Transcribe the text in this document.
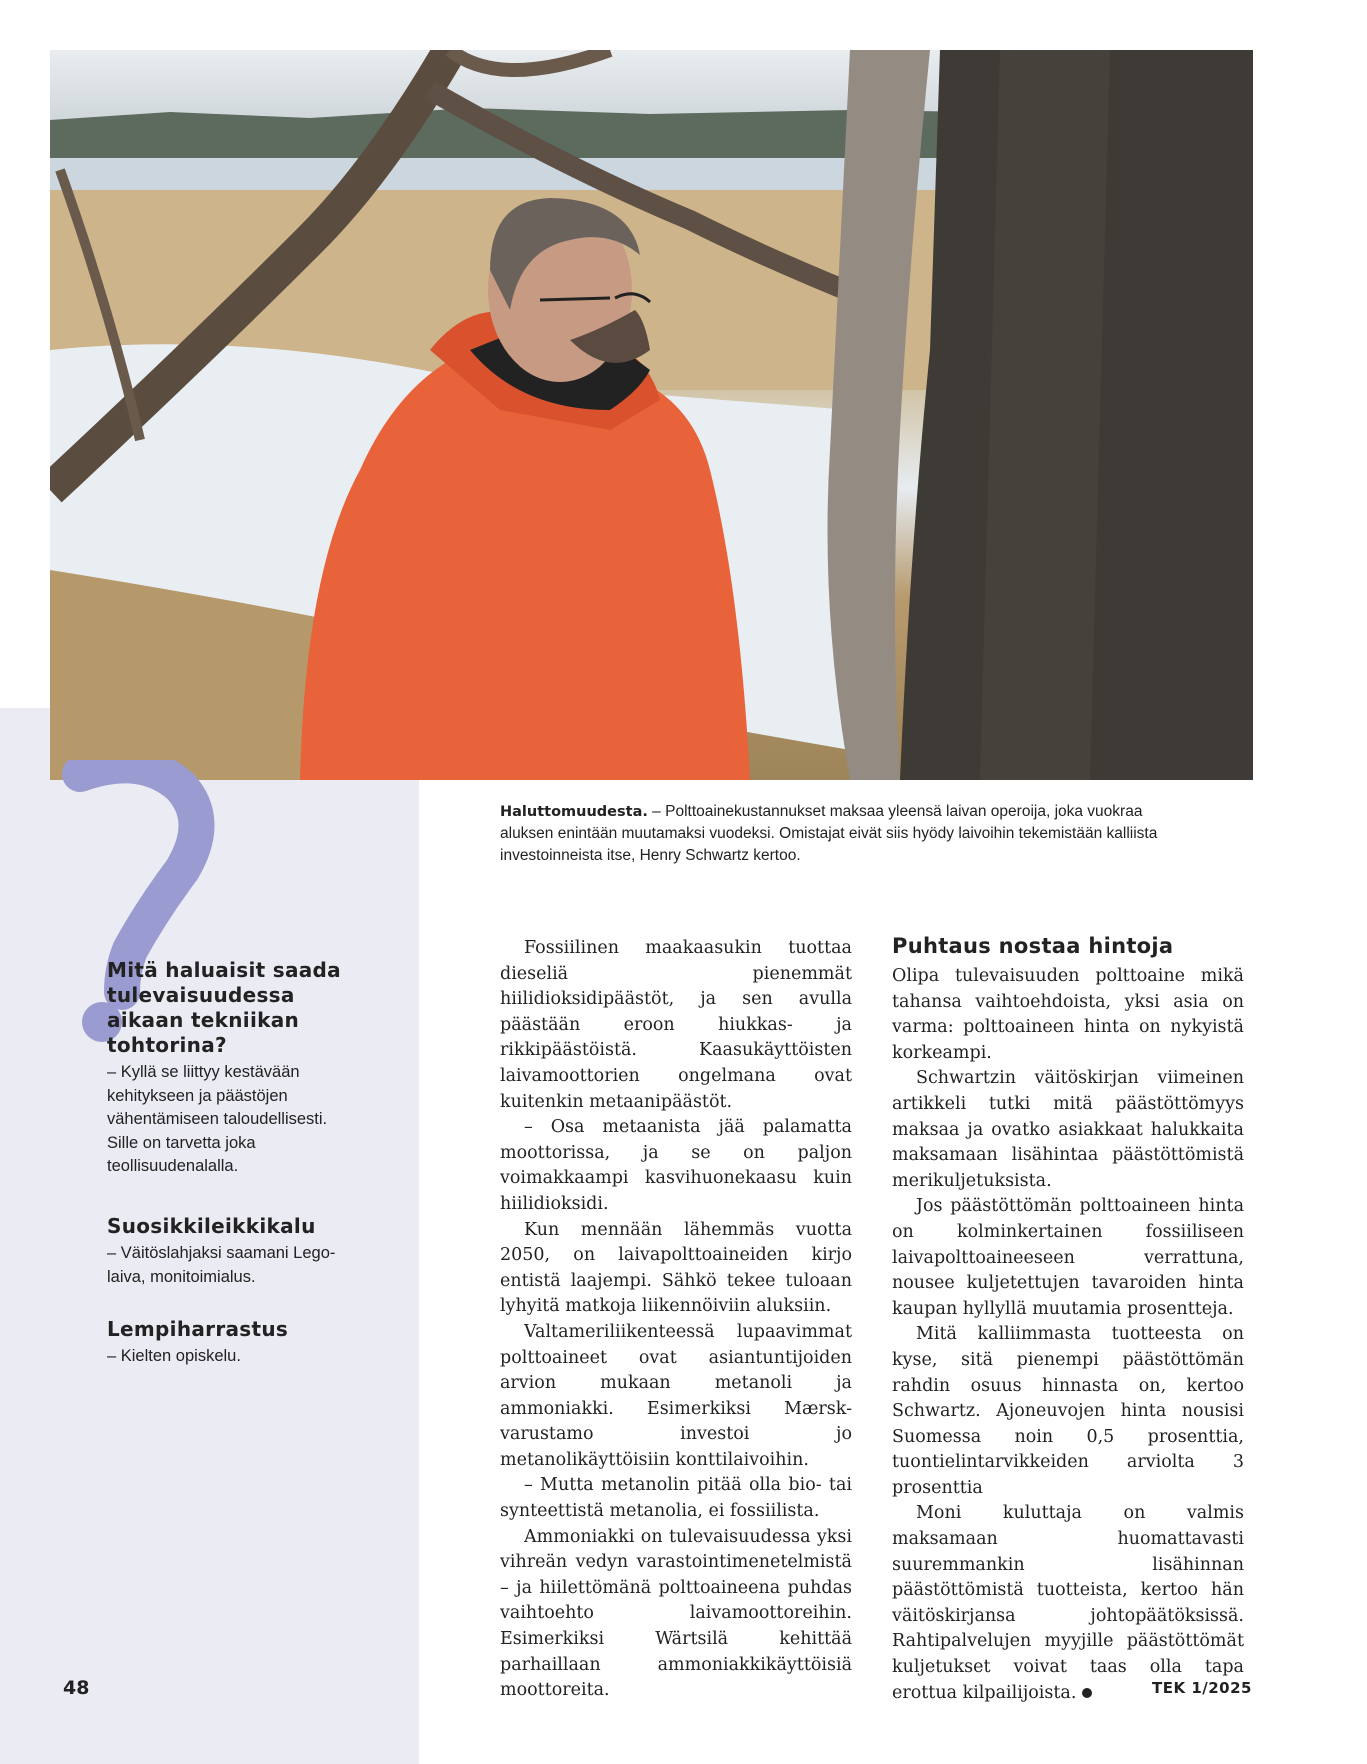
Haluttomuudesta. – Polttoainekustannukset maksaa yleensä laivan operoija, joka vuokraa aluksen enintään muutamaksi vuodeksi. Omistajat eivät siis hyödy laivoihin tekemistään kalliista investoinneista itse, Henry Schwartz kertoo.
Mitä haluaisit saada tulevaisuudessa aikaan tekniikan tohtorina?

– Kyllä se liittyy kestävään kehitykseen ja päästöjen vähentämiseen taloudellisesti. Sille on tarvetta joka teollisuudenalalla.

Suosikkileikkikalu

– Väitöslahjaksi saamani Lego-laiva, monitoimialus.

Lempiharrastus

– Kielten opiskelu.

Fossiilinen maakaasukin tuottaa dieseliä pienemmät hiilidioksidipäästöt, ja sen avulla päästään eroon hiukkas- ja rikkipäästöistä. Kaasukäyttöisten laivamoottorien ongelmana ovat kuitenkin metaanipäästöt.

– Osa metaanista jää palamatta moottorissa, ja se on paljon voimakkaampi kasvihuonekaasu kuin hiilidioksidi.

Kun mennään lähemmäs vuotta 2050, on laivapolttoaineiden kirjo entistä laajempi. Sähkö tekee tuloaan lyhyitä matkoja liikennöiviin aluksiin.

Valtameriliikenteessä lupaavimmat polttoaineet ovat asiantuntijoiden arvion mukaan metanoli ja ammoniakki. Esimerkiksi Mærsk-varustamo investoi jo metanolikäyttöisiin konttilaivoihin.

– Mutta metanolin pitää olla bio- tai synteettistä metanolia, ei fossiilista.

Ammoniakki on tulevaisuudessa yksi vihreän vedyn varastointimenetelmistä – ja hiilettömänä polttoaineena puhdas vaihtoehto laivamoottoreihin. Esimerkiksi Wärtsilä kehittää parhaillaan ammoniakkikäyttöisiä moottoreita.

Puhtaus nostaa hintoja

Olipa tulevaisuuden polttoaine mikä tahansa vaihtoehdoista, yksi asia on varma: polttoaineen hinta on nykyistä korkeampi.

Schwartzin väitöskirjan viimeinen artikkeli tutki mitä päästöttömyys maksaa ja ovatko asiakkaat halukkaita maksamaan lisähintaa päästöttömistä merikuljetuksista.

Jos päästöttömän polttoaineen hinta on kolminkertainen fossiiliseen laivapolttoaineeseen verrattuna, nousee kuljetettujen tavaroiden hinta kaupan hyllyllä muutamia prosentteja.

Mitä kalliimmasta tuotteesta on kyse, sitä pienempi päästöttömän rahdin osuus hinnasta on, kertoo Schwartz. Ajoneuvojen hinta nousisi Suomessa noin 0,5 prosenttia, tuontielintarvikkeiden arviolta 3 prosenttia

Moni kuluttaja on valmis maksamaan huomattavasti suuremmankin lisähinnan päästöttömistä tuotteista, kertoo hän väitöskirjansa johtopäätöksissä. Rahtipalvelujen myyjille päästöttömät kuljetukset voivat taas olla tapa erottua kilpailijoista.

48	TEK 1/2025
